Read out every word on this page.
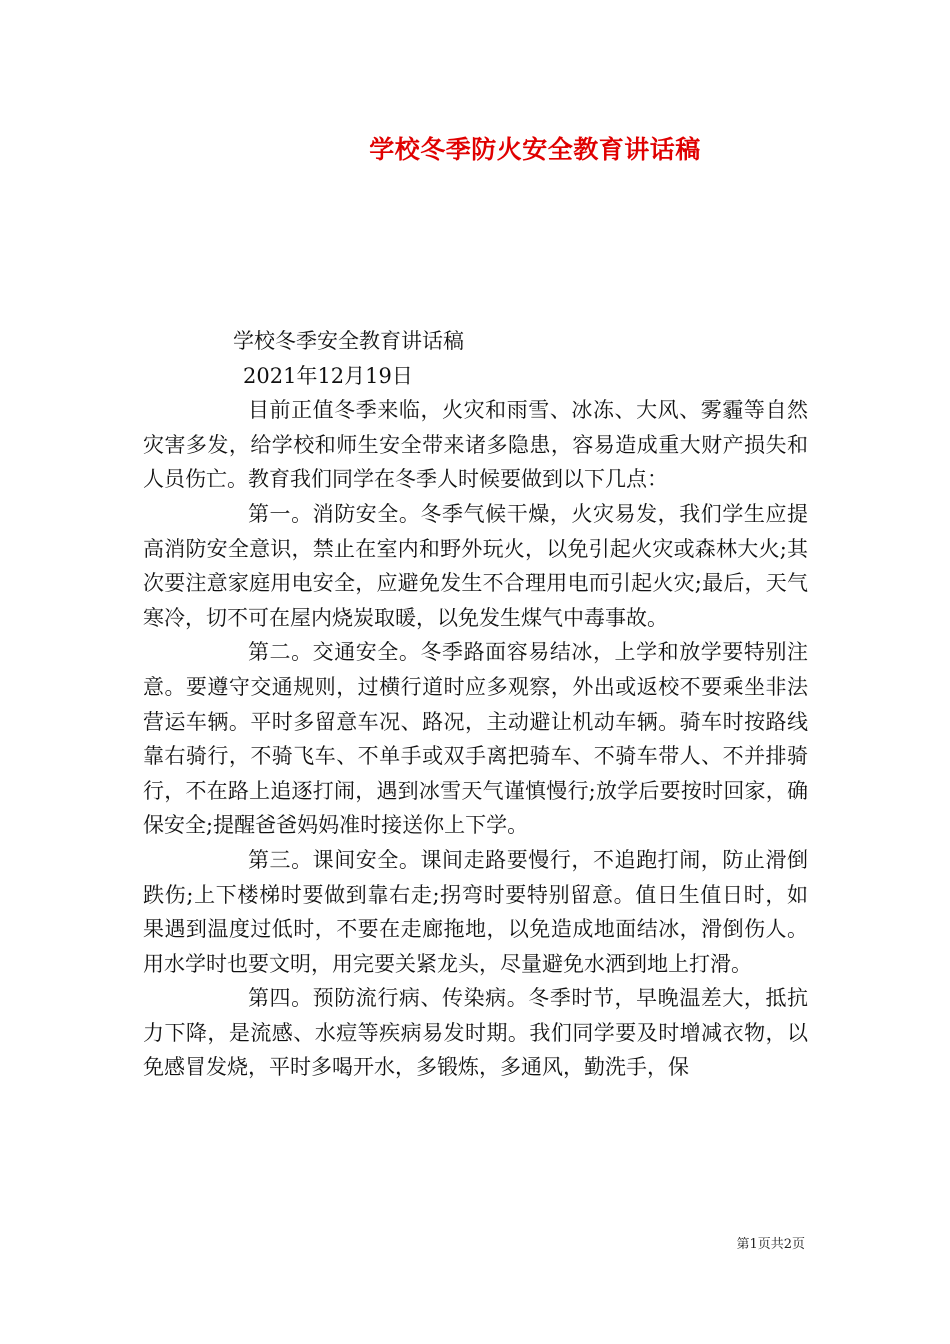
学校冬季防火安全教育讲话稿

学校冬季安全教育讲话稿

2021年12月19日

目前正值冬季来临，火灾和雨雪、冰冻、大风、雾霾等自然灾害多发，给学校和师生安全带来诸多隐患，容易造成重大财产损失和人员伤亡。教育我们同学在冬季人时候要做到以下几点：

第一。消防安全。冬季气候干燥，火灾易发，我们学生应提高消防安全意识，禁止在室内和野外玩火，以免引起火灾或森林大火;其次要注意家庭用电安全，应避免发生不合理用电而引起火灾;最后，天气寒冷，切不可在屋内烧炭取暖，以免发生煤气中毒事故。

第二。交通安全。冬季路面容易结冰，上学和放学要特别注意。要遵守交通规则，过横行道时应多观察，外出或返校不要乘坐非法营运车辆。平时多留意车况、路况，主动避让机动车辆。骑车时按路线靠右骑行，不骑飞车、不单手或双手离把骑车、不骑车带人、不并排骑行，不在路上追逐打闹，遇到冰雪天气谨慎慢行;放学后要按时回家，确保安全;提醒爸爸妈妈准时接送你上下学。

第三。课间安全。课间走路要慢行，不追跑打闹，防止滑倒跌伤;上下楼梯时要做到靠右走;拐弯时要特别留意。值日生值日时，如果遇到温度过低时，不要在走廊拖地，以免造成地面结冰，滑倒伤人。用水学时也要文明，用完要关紧龙头，尽量避免水洒到地上打滑。

第四。预防流行病、传染病。冬季时节，早晚温差大，抵抗力下降，是流感、水痘等疾病易发时期。我们同学要及时增减衣物，以免感冒发烧，平时多喝开水，多锻炼，多通风，勤洗手，保

第1页共2页
